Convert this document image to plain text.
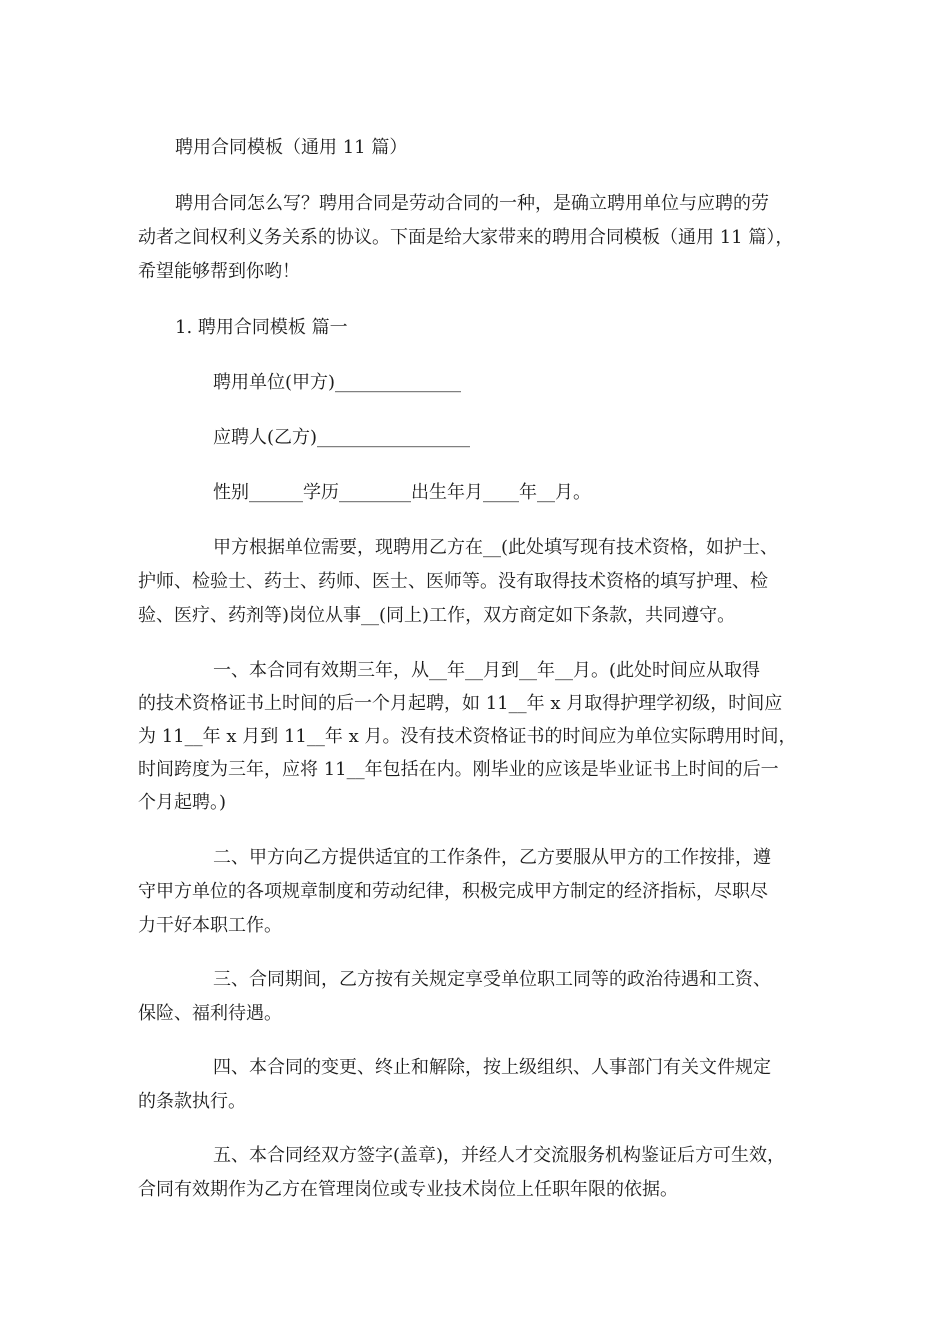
聘用合同模板（通用 11 篇）
聘用合同怎么写？聘用合同是劳动合同的一种，是确立聘用单位与应聘的劳
动者之间权利义务关系的协议。下面是给大家带来的聘用合同模板（通用 11 篇），
希望能够帮到你哟！
1. 聘用合同模板 篇一
聘用单位(甲方)______________
应聘人(乙方)_________________
性别______学历________出生年月____年__月。
甲方根据单位需要，现聘用乙方在__(此处填写现有技术资格，如护士、
护师、检验士、药士、药师、医士、医师等。没有取得技术资格的填写护理、检
验、医疗、药剂等)岗位从事__(同上)工作，双方商定如下条款，共同遵守。
一、本合同有效期三年，从__年__月到__年__月。(此处时间应从取得
的技术资格证书上时间的后一个月起聘，如 11__年 x 月取得护理学初级，时间应
为 11__年 x 月到 11__年 x 月。没有技术资格证书的时间应为单位实际聘用时间，
时间跨度为三年，应将 11__年包括在内。刚毕业的应该是毕业证书上时间的后一
个月起聘。)
二、甲方向乙方提供适宜的工作条件，乙方要服从甲方的工作按排，遵
守甲方单位的各项规章制度和劳动纪律，积极完成甲方制定的经济指标，尽职尽
力干好本职工作。
三、合同期间，乙方按有关规定享受单位职工同等的政治待遇和工资、
保险、福利待遇。
四、本合同的变更、终止和解除，按上级组织、人事部门有关文件规定
的条款执行。
五、本合同经双方签字(盖章)，并经人才交流服务机构鉴证后方可生效，
合同有效期作为乙方在管理岗位或专业技术岗位上任职年限的依据。
